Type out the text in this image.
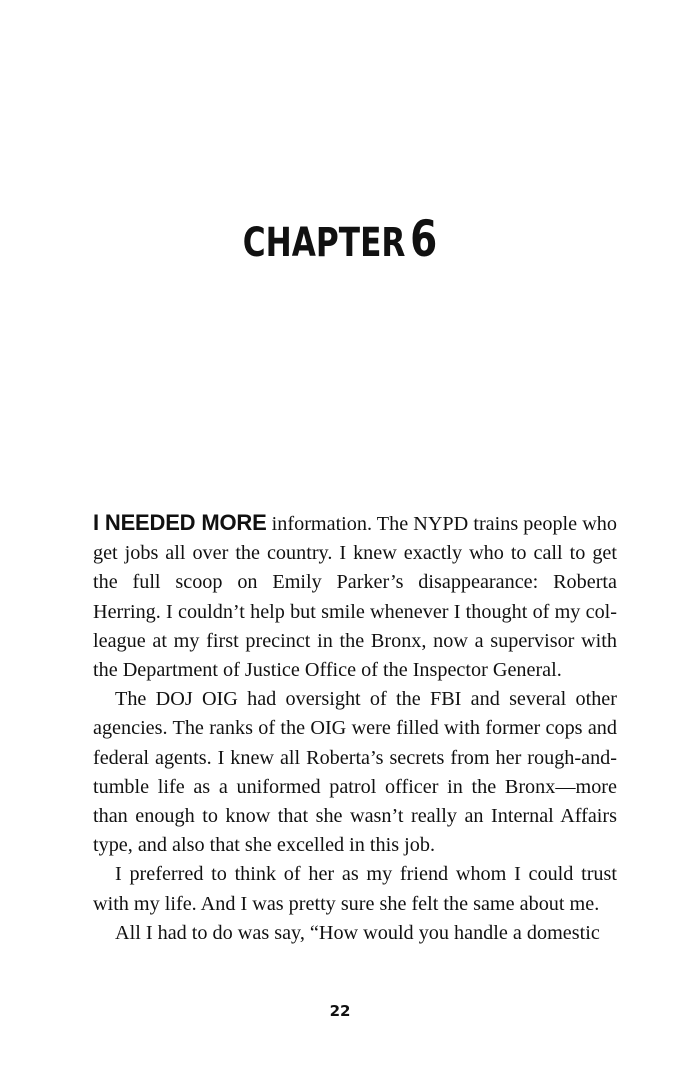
CHAPTER6

I NEEDED MORE information. The NYPD trains people who get jobs all over the country. I knew exactly who to call to get the full scoop on Emily Parker’s disappearance: Roberta Herring. I couldn’t help but smile whenever I thought of my col-league at my first precinct in the Bronx, now a supervisor with the Department of Justice Office of the Inspector General.

The DOJ OIG had oversight of the FBI and several other agencies. The ranks of the OIG were filled with former cops and federal agents. I knew all Roberta’s secrets from her rough-and-tumble life as a uniformed patrol officer in the Bronx—more than enough to know that she wasn’t really an Internal Affairs type, and also that she excelled in this job.

I preferred to think of her as my friend whom I could trust with my life. And I was pretty sure she felt the same about me.

All I had to do was say, “How would you handle a domestic

22
